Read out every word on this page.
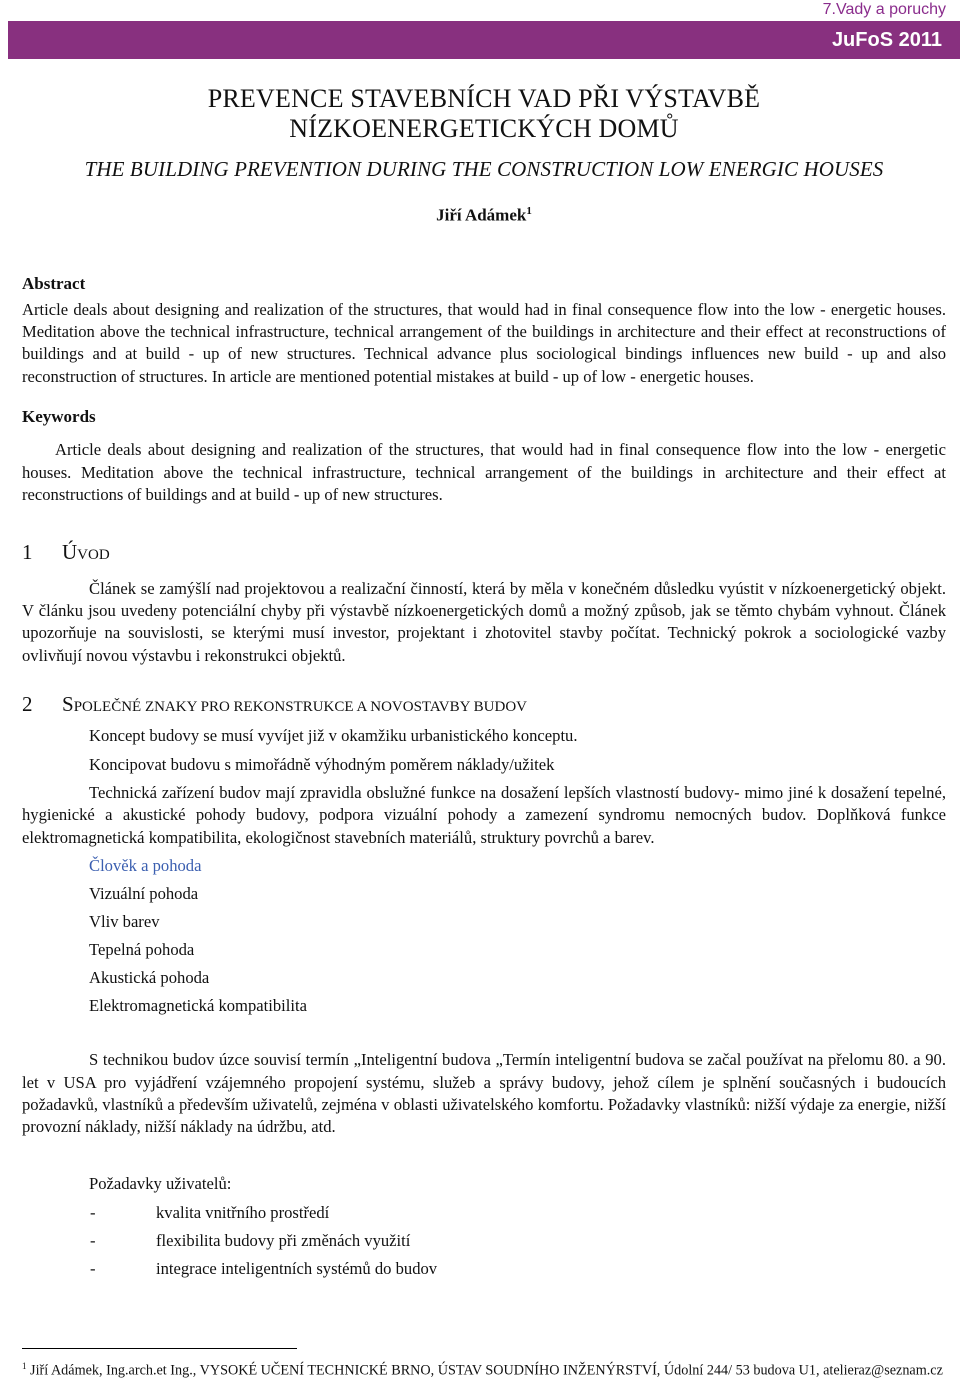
7.Vady a poruchy
JuFoS 2011
PREVENCE STAVEBNÍCH VAD PŘI VÝSTAVBĚ
NÍZKOENERGETICKÝCH DOMŮ
THE BUILDING PREVENTION DURING THE CONSTRUCTION LOW ENERGIC HOUSES
Jiří Adámek$^1$
Abstract

Article deals about designing and realization of the structures, that would had in final consequence flow into the low - energetic houses. Meditation above the technical infrastructure, technical arrangement of the buildings in architecture and their effect at reconstructions of buildings and at build - up of new structures. Technical advance plus sociological bindings influences new build - up and also reconstruction of structures. In article are mentioned potential mistakes at build - up of low - energetic houses.

Keywords

Article deals about designing and realization of the structures, that would had in final consequence flow into the low - energetic houses. Meditation above the technical infrastructure, technical arrangement of the buildings in architecture and their effect at reconstructions of buildings and at build - up of new structures.

1 ÚVOD

Článek se zamýšlí nad projektovou a realizační činností, která by měla v konečném důsledku vyústit v nízkoenergetický objekt. V článku jsou uvedeny potenciální chyby při výstavbě nízkoenergetických domů a možný způsob, jak se těmto chybám vyhnout. Článek upozorňuje na souvislosti, se kterými musí investor, projektant i zhotovitel stavby počítat. Technický pokrok a sociologické vazby ovlivňují novou výstavbu i rekonstrukci objektů.

2 SPOLEČNÉ ZNAKY PRO REKONSTRUKCE A NOVOSTAVBY BUDOV

Koncept budovy se musí vyvíjet již v okamžiku urbanistického konceptu.

Koncipovat budovu s mimořádně výhodným poměrem náklady/užitek

Technická zařízení budov mají zpravidla obslužné funkce na dosažení lepších vlastností budovy- mimo jiné k dosažení tepelné, hygienické a akustické pohody budovy, podpora vizuální pohody a zamezení syndromu nemocných budov. Doplňková funkce elektromagnetická kompatibilita, ekologičnost stavebních materiálů, struktury povrchů a barev.

Člověk a pohoda
Vizuální pohoda
Vliv barev
Tepelná pohoda
Akustická pohoda
Elektromagnetická kompatibilita

S technikou budov úzce souvisí termín „Inteligentní budova „Termín inteligentní budova se začal používat na přelomu 80. a 90. let v USA pro vyjádření vzájemného propojení systému, služeb a správy budovy, jehož cílem je splnění současných i budoucích požadavků, vlastníků a především uživatelů, zejména v oblasti uživatelského komfortu. Požadavky vlastníků: nižší výdaje za energie, nižší provozní náklady, nižší náklady na údržbu, atd.

Požadavky uživatelů:

-	kvalita vnitřního prostředí
-	flexibilita budovy při změnách využití
-	integrace inteligentních systémů do budov
$^1$ Jiří Adámek, Ing.arch.et Ing., VYSOKÉ UČENÍ TECHNICKÉ BRNO, ÚSTAV SOUDNÍHO INŽENÝRSTVÍ, Údolní 244/ 53 budova U1, atelieraz@seznam.cz
